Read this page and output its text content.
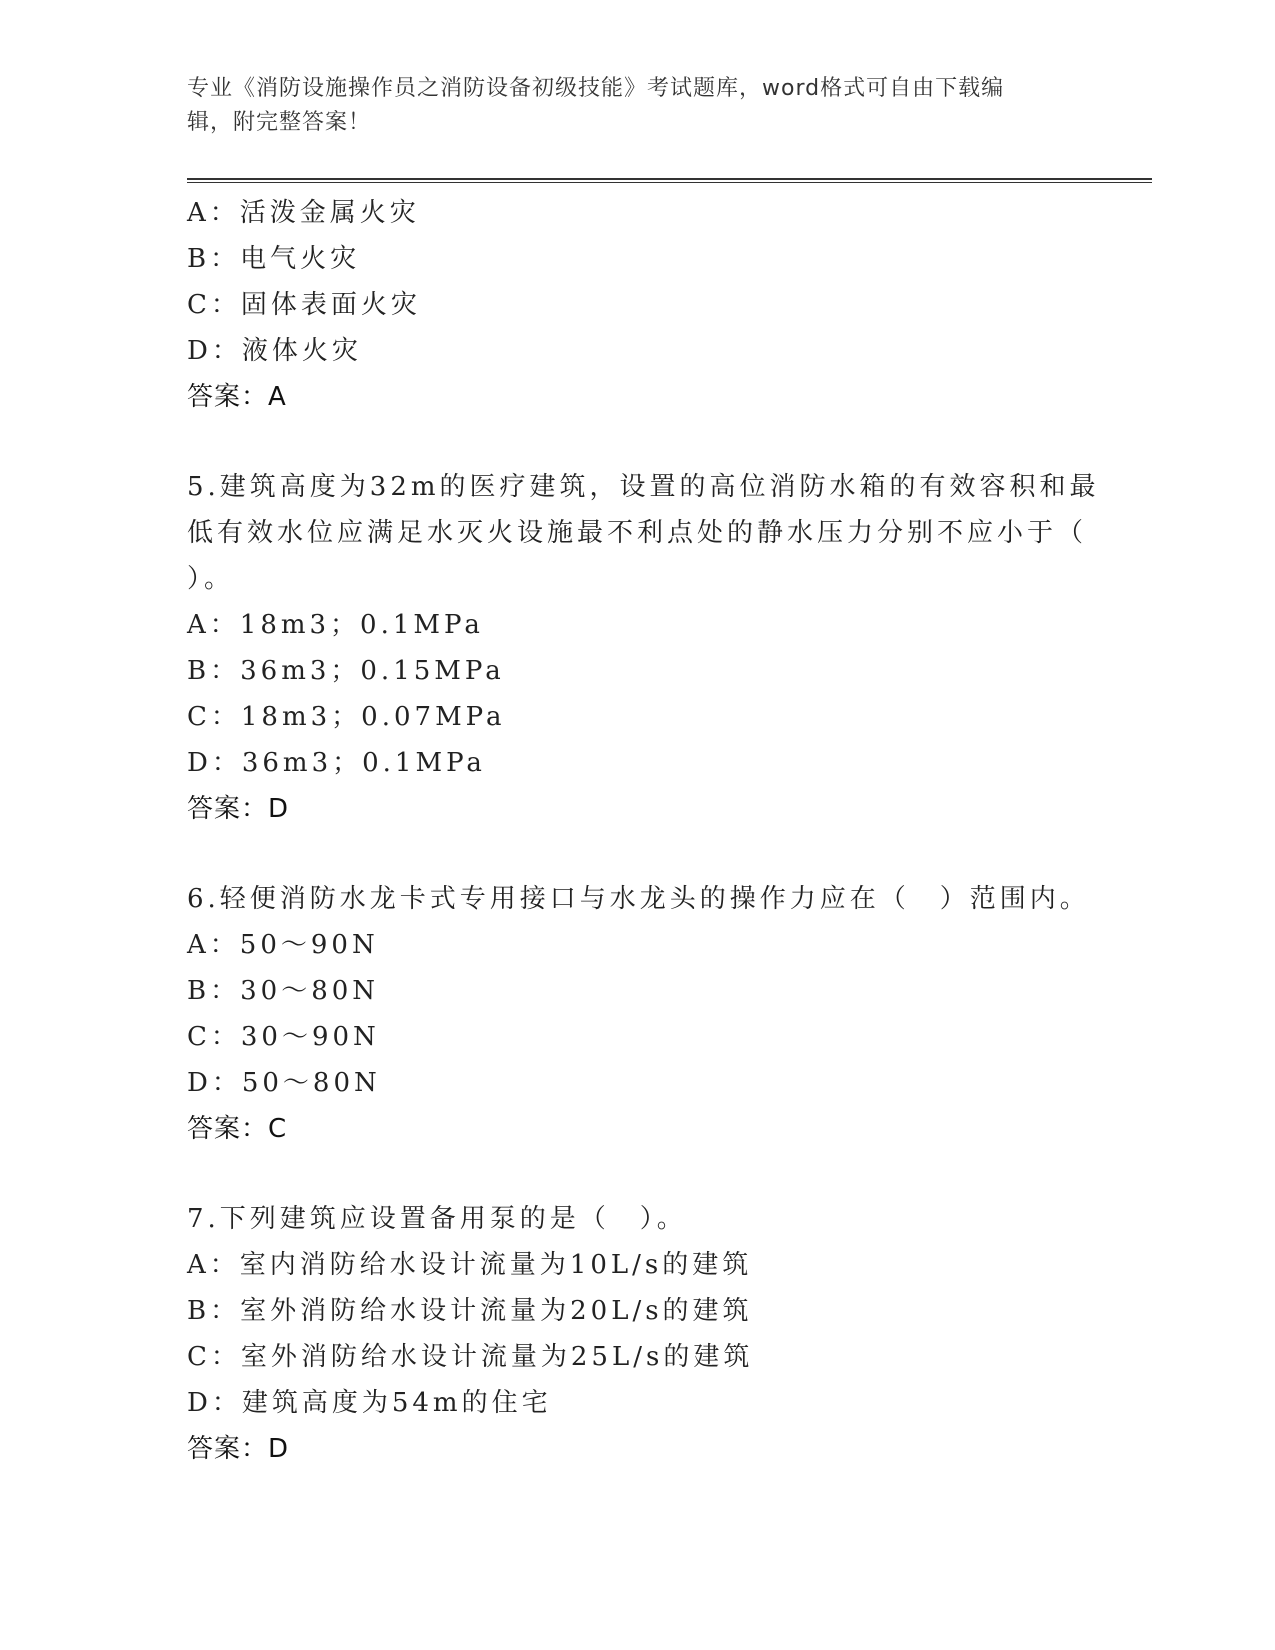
专业《消防设施操作员之消防设备初级技能》考试题库，word格式可自由下载编
辑，附完整答案！
A：活泼金属火灾
B：电气火灾
C：固体表面火灾
D：液体火灾
答案：A
5.建筑高度为32m的医疗建筑，设置的高位消防水箱的有效容积和最
低有效水位应满足水灭火设施最不利点处的静水压力分别不应小于（
）。
A：18m3；0.1MPa
B：36m3；0.15MPa
C：18m3；0.07MPa
D：36m3；0.1MPa
答案：D
6.轻便消防水龙卡式专用接口与水龙头的操作力应在（　）范围内。
A：50～90N
B：30～80N
C：30～90N
D：50～80N
答案：C
7.下列建筑应设置备用泵的是（　）。
A：室内消防给水设计流量为10L/s的建筑
B：室外消防给水设计流量为20L/s的建筑
C：室外消防给水设计流量为25L/s的建筑
D：建筑高度为54m的住宅
答案：D
